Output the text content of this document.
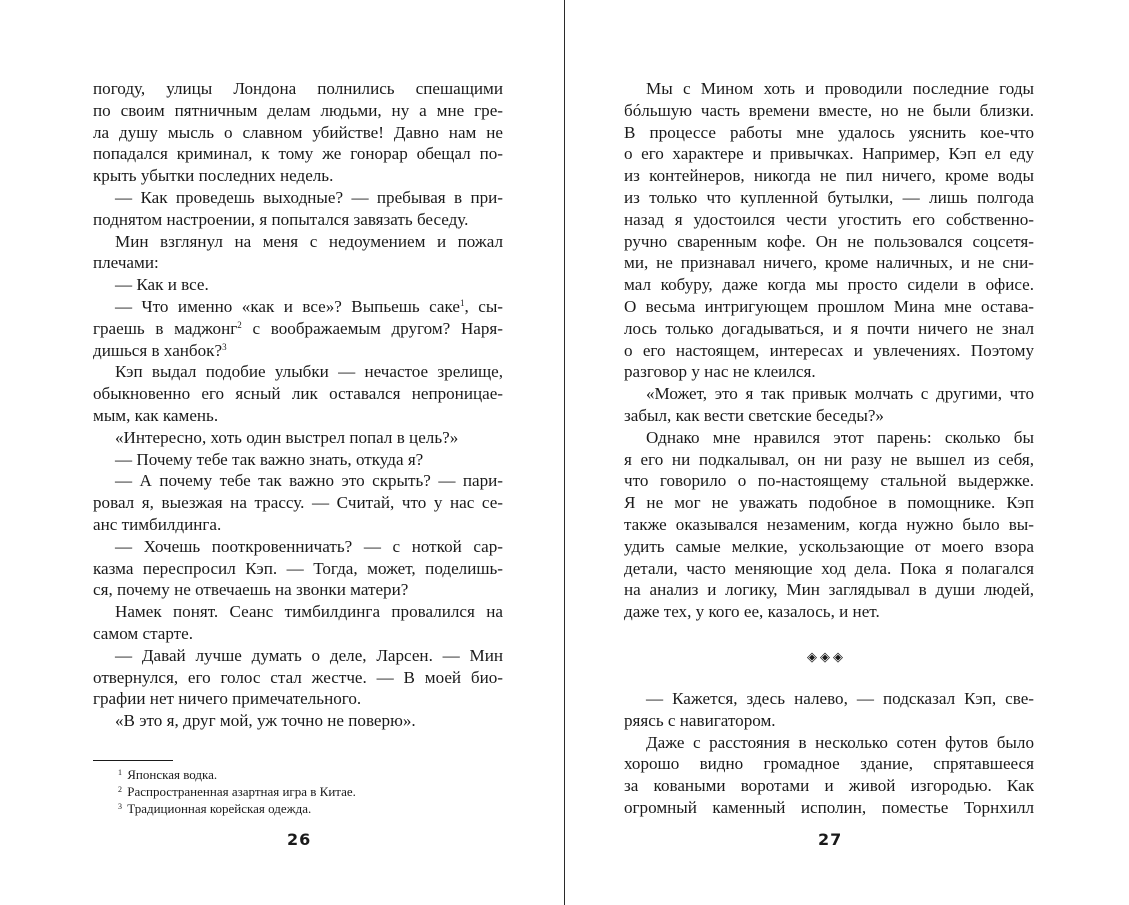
погоду, улицы Лондона полнились спешащими
по своим пятничным делам людьми, ну а мне гре-
ла душу мысль о славном убийстве! Давно нам не
попадался криминал, к тому же гонорар обещал по-
крыть убытки последних недель.
— Как проведешь выходные? — пребывая в при-
поднятом настроении, я попытался завязать беседу.
Мин взглянул на меня с недоумением и пожал
плечами:
— Как и все.
— Что именно «как и все»? Выпьешь саке$^1$, сы-
граешь в маджонг$^2$ с воображаемым другом? Наря-
дишься в ханбок?$^3$
Кэп выдал подобие улыбки — нечастое зрелище,
обыкновенно его ясный лик оставался непроницае-
мым, как камень.
«Интересно, хоть один выстрел попал в цель?»
— Почему тебе так важно знать, откуда я?
— А почему тебе так важно это скрыть? — пари-
ровал я, выезжая на трассу. — Считай, что у нас се-
анс тимбилдинга.
— Хочешь пооткровенничать? — с ноткой сар-
казма переспросил Кэп. — Тогда, может, поделишь-
ся, почему не отвечаешь на звонки матери?
Намек понят. Сеанс тимбилдинга провалился на
самом старте.
— Давай лучше думать о деле, Ларсен. — Мин
отвернулся, его голос стал жестче. — В моей био-
графии нет ничего примечательного.
«В это я, друг мой, уж точно не поверю».
$^1$ Японская водка.
$^2$ Распространенная азартная игра в Китае.
$^3$ Традиционная корейская одежда.
26
Мы с Мином хоть и проводили последние годы
бóльшую часть времени вместе, но не были близки.
В процессе работы мне удалось уяснить кое-что
о его характере и привычках. Например, Кэп ел еду
из контейнеров, никогда не пил ничего, кроме воды
из только что купленной бутылки, — лишь полгода
назад я удостоился чести угостить его собственно-
ручно сваренным кофе. Он не пользовался соцсетя-
ми, не признавал ничего, кроме наличных, и не сни-
мал кобуру, даже когда мы просто сидели в офисе.
О весьма интригующем прошлом Мина мне остава-
лось только догадываться, и я почти ничего не знал
о его настоящем, интересах и увлечениях. Поэтому
разговор у нас не клеился.
«Может, это я так привык молчать с другими, что
забыл, как вести светские беседы?»
Однако мне нравился этот парень: сколько бы
я его ни подкалывал, он ни разу не вышел из себя,
что говорило о по-настоящему стальной выдержке.
Я не мог не уважать подобное в помощнике. Кэп
также оказывался незаменим, когда нужно было вы-
удить самые мелкие, ускользающие от моего взора
детали, часто меняющие ход дела. Пока я полагался
на анализ и логику, Мин заглядывал в души людей,
даже тех, у кого ее, казалось, и нет.
◈◈◈
— Кажется, здесь налево, — подсказал Кэп, све-
ряясь с навигатором.
Даже с расстояния в несколько сотен футов было
хорошо видно громадное здание, спрятавшееся
за коваными воротами и живой изгородью. Как
огромный каменный исполин, поместье Торнхилл
27
